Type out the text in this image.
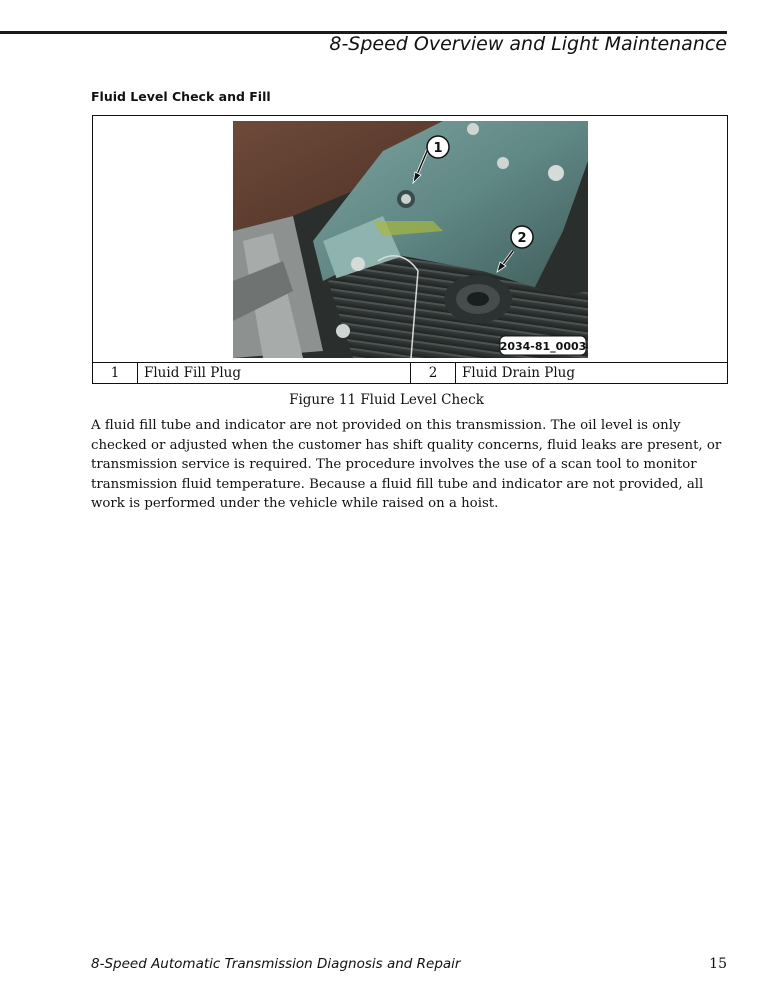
8-Speed Overview and Light Maintenance
Fluid Level Check and Fill
1
2
2034-81_0003
1	Fluid Fill Plug	2	Fluid Drain Plug
Figure 11 Fluid Level Check
A fluid fill tube and indicator are not provided on this transmission. The oil level is only checked or adjusted when the customer has shift quality concerns, fluid leaks are present, or transmission service is required. The procedure involves the use of a scan tool to monitor transmission fluid temperature. Because a fluid fill tube and indicator are not provided, all work is performed under the vehicle while raised on a hoist.
8-Speed Automatic Transmission Diagnosis and Repair	15
